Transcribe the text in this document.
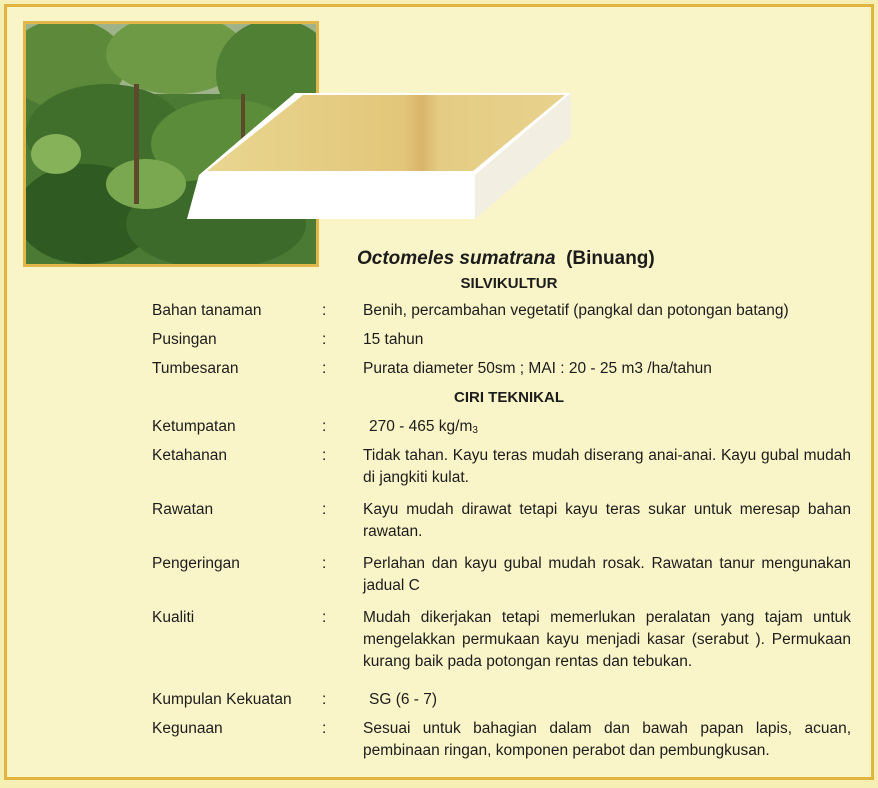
Octomeles sumatrana (Binuang)
SILVIKULTUR
Bahan tanaman	: Benih, percambahan vegetatif (pangkal dan potongan batang)
Pusingan	: 15 tahun
Tumbesaran	: Purata diameter 50sm ; MAI : 20 - 25 m3 /ha/tahun
CIRI TEKNIKAL
Ketumpatan	:	270 - 465 $kg/m_3$
Ketahanan	: Tidak tahan. Kayu teras mudah diserang anai-anai. Kayu gubal mudah di jangkiti kulat.
Rawatan	: Kayu mudah dirawat tetapi kayu teras sukar untuk meresap bahan rawatan.
Pengeringan	: Perlahan dan kayu gubal mudah rosak. Rawatan tanur mengunakan jadual C
Kualiti	: Mudah dikerjakan tetapi memerlukan peralatan yang tajam untuk mengelakkan permukaan kayu menjadi kasar (serabut ). Permukaan kurang baik pada potongan rentas dan tebukan.
Kumpulan Kekuatan :	SG (6 - 7)
Kegunaan	: Sesuai untuk bahagian dalam dan bawah papan lapis, acuan, pembinaan ringan, komponen perabot dan pembungkusan.
